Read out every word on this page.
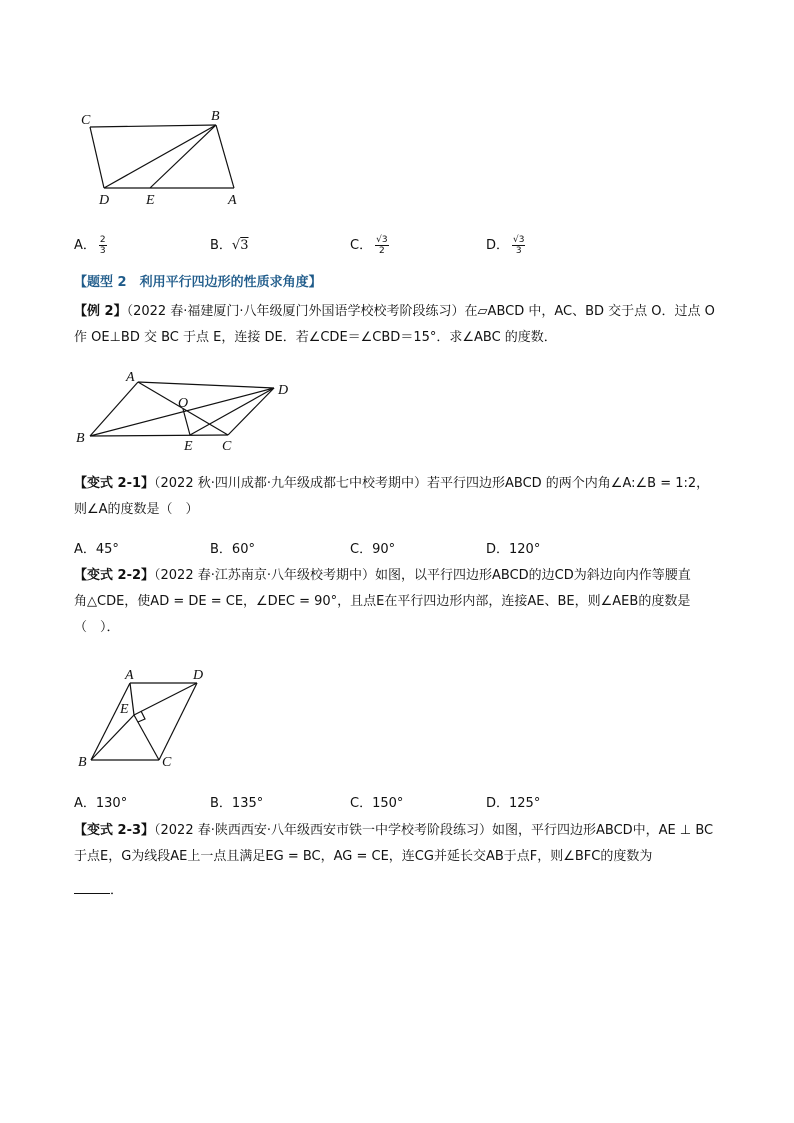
C	B
D	E	A
A． $\frac{2}{3}$	B．√3	C． $\frac{√3}{2}$	D． $\frac{√3}{3}$
【题型 2　利用平行四边形的性质求角度】
【例 2】（2022 春·福建厦门·八年级厦门外国语学校校考阶段练习）在▱ABCD 中，AC、BD 交于点 O．过点 O
作 OE⊥BD 交 BC 于点 E，连接 DE．若∠CDE＝∠CBD＝15°．求∠ABC 的度数．
A
D
O
B
E C
【变式 2-1】（2022 秋·四川成都·九年级成都七中校考期中）若平行四边形ABCD 的两个内角∠A:∠B = 1:2，
则∠A的度数是（　）
A．45°	B．60°	C．90°	D．120°
【变式 2-2】（2022 春·江苏南京·八年级校考期中）如图，以平行四边形ABCD的边CD为斜边向内作等腰直
角△CDE，使AD = DE = CE，∠DEC = 90°，且点E在平行四边形内部，连接AE、BE，则∠AEB的度数是
（　）．
A	D
E
B	C
A．130°	B．135°	C．150°	D．125°
【变式 2-3】（2022 春·陕西西安·八年级西安市铁一中学校考阶段练习）如图，平行四边形ABCD中，AE ⊥ BC
于点E，G为线段AE上一点且满足EG = BC，AG = CE，连CG并延长交AB于点F，则∠BFC的度数为
．
